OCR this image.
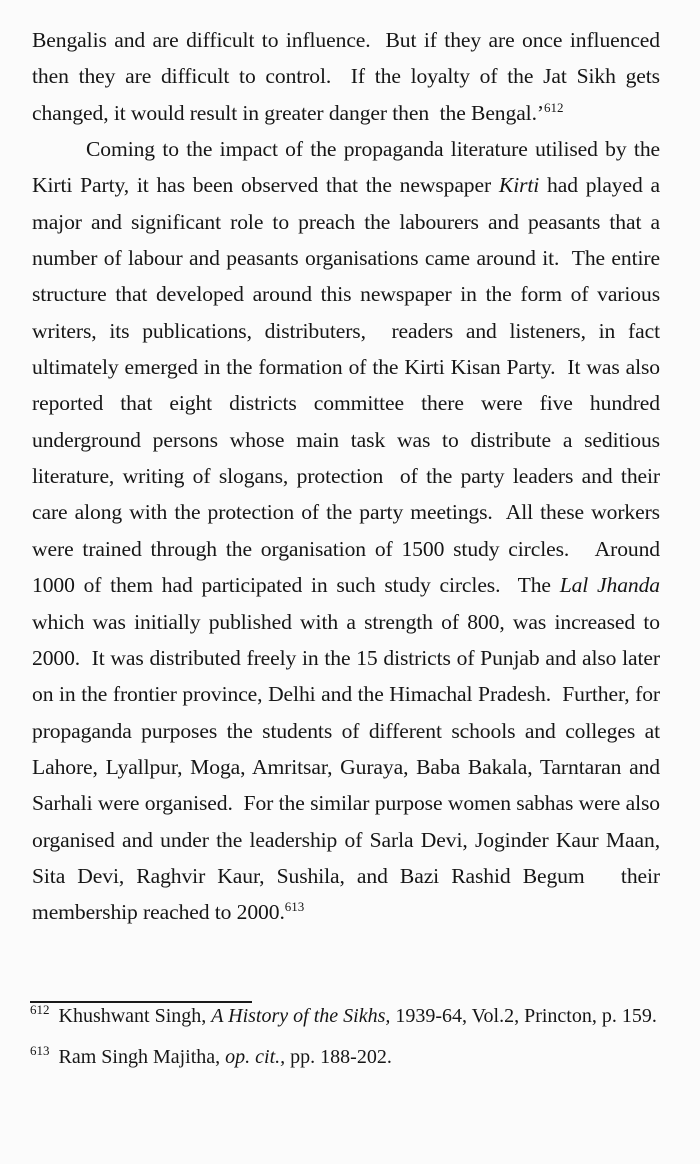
Bengalis and are difficult to influence.  But if they are once influenced
then they are difficult to control.  If the loyalty of the Jat Sikh gets
changed, it would result in greater danger then  the Bengal.’$^{612}$
Coming to the impact of the propaganda literature utilised by the
Kirti Party, it has been observed that the newspaper Kirti had played a
major and significant role to preach the labourers and peasants that a
number of labour and peasants organisations came around it.  The entire
structure that developed around this newspaper in the form of various
writers, its publications, distributers,  readers and listeners, in fact
ultimately emerged in the formation of the Kirti Kisan Party.  It was also
reported that eight districts committee there were five hundred
underground persons whose main task was to distribute a seditious
literature, writing of slogans, protection  of the party leaders and their
care along with the protection of the party meetings.  All these workers
were trained through the organisation of 1500 study circles.   Around
1000 of them had participated in such study circles.  The Lal Jhanda
which was initially published with a strength of 800, was increased to
2000.  It was distributed freely in the 15 districts of Punjab and also later
on in the frontier province, Delhi and the Himachal Pradesh.  Further, for
propaganda purposes the students of different schools and colleges at
Lahore, Lyallpur, Moga, Amritsar, Guraya, Baba Bakala, Tarntaran and
Sarhali were organised.  For the similar purpose women sabhas were also
organised and under the leadership of Sarla Devi, Joginder Kaur Maan,
Sita Devi, Raghvir Kaur, Sushila, and Bazi Rashid Begum   their
membership reached to 2000.$^{613}$
$^{612}$ Khushwant Singh, A History of the Sikhs, 1939-64, Vol.2, Princton, p. 159.
$^{613}$ Ram Singh Majitha, op. cit., pp. 188-202.
